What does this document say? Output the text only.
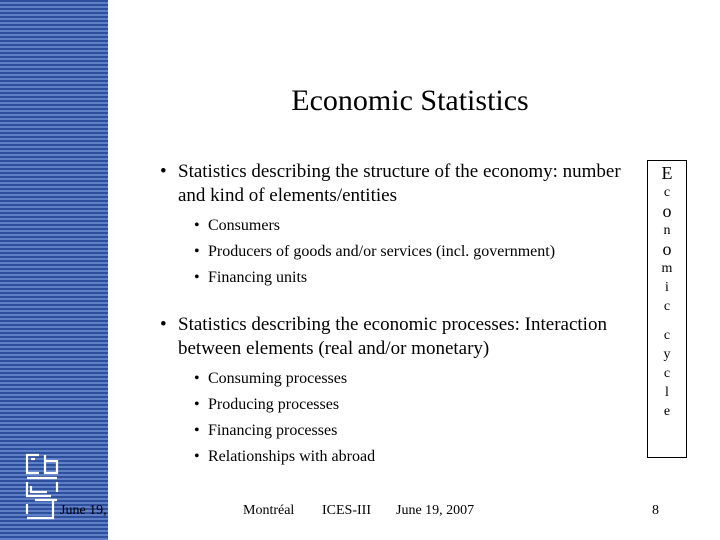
June 19,
Economic Statistics
• Statistics describing the structure of the economy: number and kind of elements/entities
• Consumers
• Producers of goods and/or services (incl. government)
• Financing units
• Statistics describing the economic processes: Interaction between elements (real and/or monetary)
• Consuming processes
• Producing processes
• Financing processes
• Relationships with abroad
E
c
o
n
o
m
i
c
c
y
c
l
e
Montréal ICES-III June 19, 2007	8
